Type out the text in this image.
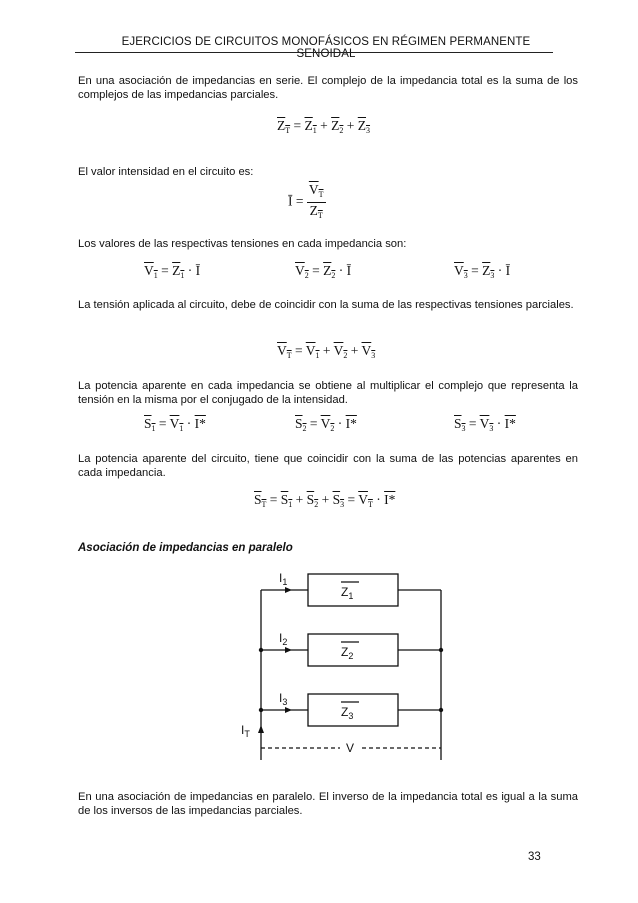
EJERCICIOS DE CIRCUITOS MONOFÁSICOS EN RÉGIMEN PERMANENTE SENOIDAL
En una asociación de impedancias en serie. El complejo de la impedancia total es la suma de los complejos de las impedancias parciales.
$Z_T = Z_1 + Z_2 + Z_3$
El valor intensidad en el circuito es:
Ī = $\frac{V_T}{Z_T}$
Los valores de las respectivas tensiones en cada impedancia son:
$V_1 = Z_1$ · Ī	$V_2 = Z_2$ · Ī	$V_3 = Z_3$ · Ī
La tensión aplicada al circuito, debe de coincidir con la suma de las respectivas tensiones parciales.
$V_T = V_1 + V_2 + V_3$
La potencia aparente en cada impedancia se obtiene al multiplicar el complejo que representa la tensión en la misma por el conjugado de la intensidad.
$S_1 = V_1 \cdot I*$	$S_2 = V_2 \cdot I*$	$S_3 = V_3 \cdot I*$
La potencia aparente del circuito, tiene que coincidir con la suma de las potencias aparentes en cada impedancia.
$S_T = S_1 + S_2 + S_3 = V_T \cdot I*$
Asociación de impedancias en paralelo
$I_1$
$I_2$
$I_3$
$Z_1$
$Z_2$
$Z_3$
$I_T$
V
En una asociación de impedancias en paralelo. El inverso de la impedancia total es igual a la suma de los inversos de las impedancias parciales.
33
